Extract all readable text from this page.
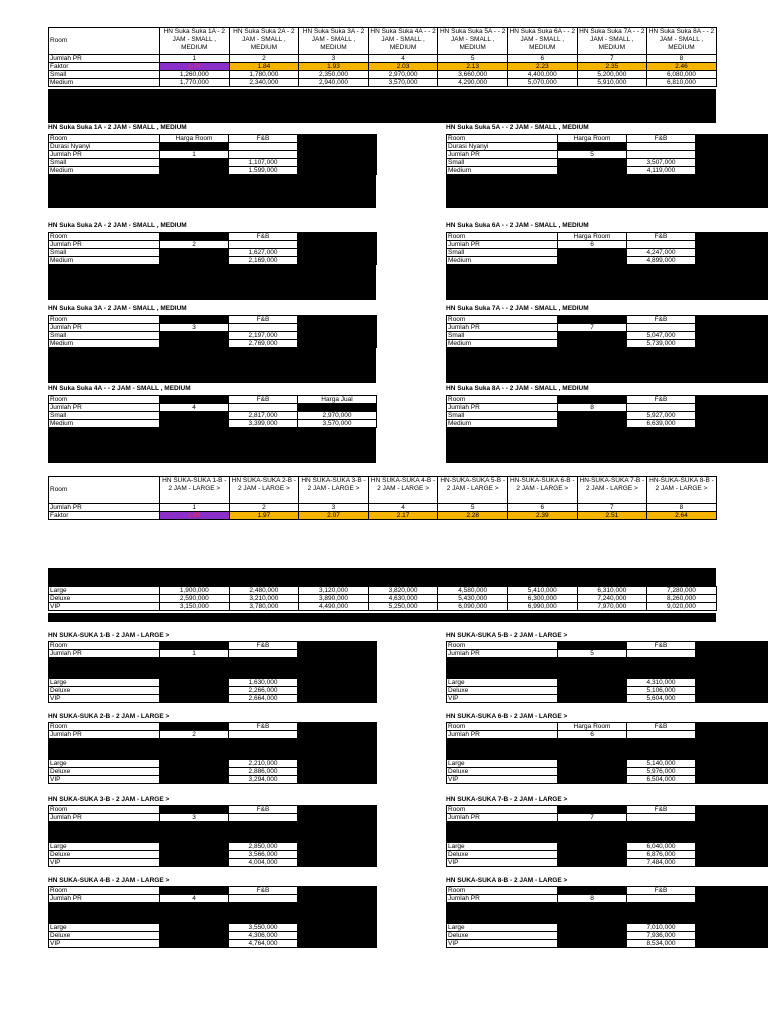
Room	HN Suka Suka 1A - 2 JAM - SMALL , MEDIUM	HN Suka Suka 2A - 2 JAM - SMALL , MEDIUM	HN Suka Suka 3A - 2 JAM - SMALL , MEDIUM	HN Suka Suka 4A - - 2 JAM - SMALL , MEDIUM	HN Suka Suka 5A - - 2 JAM - SMALL , MEDIUM	HN Suka Suka 6A - - 2 JAM - SMALL , MEDIUM	HN Suka Suka 7A - - 2 JAM - SMALL , MEDIUM	HN Suka Suka 8A - - 2 JAM - SMALL , MEDIUM
Jumlah PR	1	2	3	4	5	6	7	8
Faktor	1.74	1.84	1.93	2.03	2.13	2.23	2.35	2.46
Small	1,260,000	1,780,000	2,350,000	2,970,000	3,660,000	4,400,000	5,200,000	6,080,000
Medium	1,770,000	2,340,000	2,940,000	3,570,000	4,290,000	5,070,000	5,910,000	6,810,000
HN Suka Suka 1A - 2 JAM - SMALL , MEDIUM
Room	Harga Room	F&B	
Durasi Nyanyi	2.0		
Jumlah PR	1		
Small		1,107,000	
Medium		1,599,000	
HN Suka Suka 5A - - 2 JAM - SMALL , MEDIUM
Room	Harga Room	F&B	
Durasi Nyanyi	2.0		
Jumlah PR	5		
Small		3,507,000	
Medium		4,119,000	
HN Suka Suka 2A - 2 JAM - SMALL , MEDIUM
Room		F&B	
Jumlah PR	2		
Small		1,627,000	
Medium		2,169,000	
HN Suka Suka 6A - - 2 JAM - SMALL , MEDIUM
Room	Harga Room	F&B	
Jumlah PR	6		
Small		4,247,000	
Medium		4,899,000	
HN Suka Suka 3A - 2 JAM - SMALL , MEDIUM
Room		F&B	
Jumlah PR	3		
Small		2,197,000	
Medium		2,769,000	
HN Suka Suka 7A - - 2 JAM - SMALL , MEDIUM
Room		F&B	
Jumlah PR	7		
Small		5,047,000	
Medium		5,739,000	
HN Suka Suka 4A - - 2 JAM - SMALL , MEDIUM
Room		F&B	Harga Jual
Jumlah PR	4		
Small		2,817,000	2,970,000
Medium		3,399,000	3,570,000
HN Suka Suka 8A - - 2 JAM - SMALL , MEDIUM
Room		F&B	
Jumlah PR	8		
Small		5,927,000	
Medium		6,639,000	
Room	HN SUKA-SUKA 1-B - 2 JAM - LARGE >	HN SUKA-SUKA 2-B - 2 JAM - LARGE >	HN SUKA-SUKA 3-B - 2 JAM - LARGE >	HN SUKA-SUKA 4-B - 2 JAM - LARGE >	HN-SUKA-SUKA 5-B - 2 JAM - LARGE >	HN-SUKA-SUKA 6-B - 2 JAM - LARGE >	HN-SUKA-SUKA 7-B - 2 JAM - LARGE >	HN-SUKA-SUKA 8-B - 2 JAM - LARGE >
Jumlah PR	1	2	3	4	5	6	7	8
Faktor	1.88	1.97	2.07	2.17	2.28	2.39	2.51	2.64
Large	1,900,000	2,480,000	3,120,000	3,820,000	4,580,000	5,410,000	6,310,000	7,280,000
Deluxe	2,590,000	3,210,000	3,890,000	4,630,000	5,430,000	6,300,000	7,240,000	8,260,000
VIP	3,150,000	3,780,000	4,490,000	5,250,000	6,090,000	6,990,000	7,970,000	9,020,000
HN SUKA-SUKA 1-B - 2 JAM - LARGE >
Room		F&B	
Jumlah PR	1		

Large		1,630,000	
Deluxe		2,266,000	
VIP		2,664,000	
HN SUKA-SUKA 5-B - 2 JAM - LARGE >
Room		F&B	
Jumlah PR	5		

Large		4,310,000	
Deluxe		5,106,000	
VIP		5,604,000	
HN SUKA-SUKA 2-B - 2 JAM - LARGE >
Room		F&B	
Jumlah PR	2		

Large		2,210,000	
Deluxe		2,886,000	
VIP		3,294,000	
HN SUKA-SUKA 6-B - 2 JAM - LARGE >
Room	Harga Room	F&B	
Jumlah PR	6		

Large		5,140,000	
Deluxe		5,976,000	
VIP		6,504,000	
HN SUKA-SUKA 3-B - 2 JAM - LARGE >
Room		F&B	
Jumlah PR	3		

Large		2,850,000	
Deluxe		3,566,000	
VIP		4,004,000	
HN SUKA-SUKA 7-B - 2 JAM - LARGE >
Room		F&B	
Jumlah PR	7		

Large		6,040,000	
Deluxe		6,876,000	
VIP		7,484,000	
HN SUKA-SUKA 4-B - 2 JAM - LARGE >
Room		F&B	
Jumlah PR	4		

Large		3,550,000	
Deluxe		4,306,000	
VIP		4,764,000	
HN SUKA-SUKA 8-B - 2 JAM - LARGE >
Room		F&B	
Jumlah PR	8		

Large		7,010,000	
Deluxe		7,936,000	
VIP		8,534,000	
